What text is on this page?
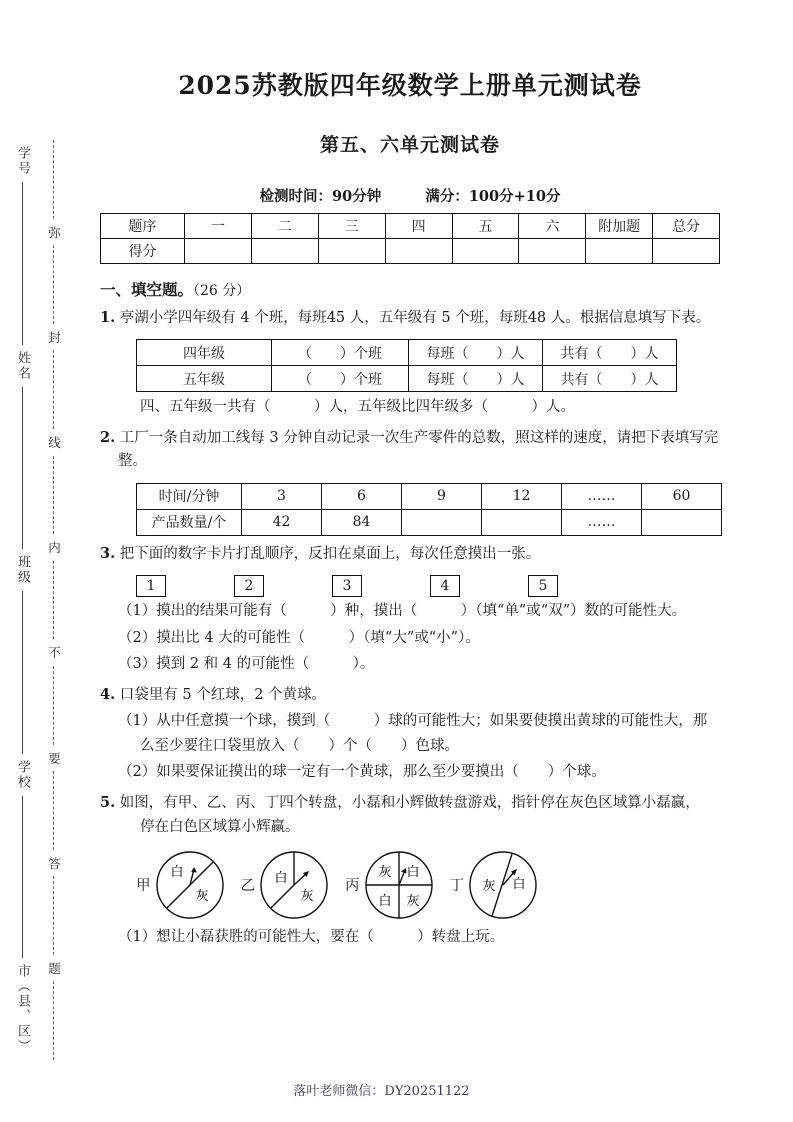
学号
姓名
班级
学校
市（县、区）
弥
封
线
内
不
要
答
题
2025苏教版四年级数学上册单元测试卷
第五、六单元测试卷
检测时间：90分钟	满分：100分+10分
题序	一	二	三	四	五	六	附加题	总分
得分								
一、填空题。（26 分）
1. 亭湖小学四年级有 4 个班，每班45 人，五年级有 5 个班，每班48 人。根据信息填写下表。
四年级	（　　）个班	每班（　　）人	共有（　　）人
五年级	（　　）个班	每班（　　）人	共有（　　）人
四、五年级一共有（　　　）人，五年级比四年级多（　　　）人。
2. 工厂一条自动加工线每 3 分钟自动记录一次生产零件的总数，照这样的速度，请把下表填写完整。
时间/分钟	3	6	9	12	……	60
产品数量/个	42	84			……	
3. 把下面的数字卡片打乱顺序，反扣在桌面上，每次任意摸出一张。
1	2	3	4	5
（1）摸出的结果可能有（　　　）种，摸出（　　　）（填“单”或“双”）数的可能性大。
（2）摸出比 4 大的可能性（　　　）（填“大”或“小”）。
（3）摸到 2 和 4 的可能性（　　　）。
4. 口袋里有 5 个红球，2 个黄球。
（1）从中任意摸一个球，摸到（　　　）球的可能性大；如果要使摸出黄球的可能性大，那
么至少要往口袋里放入（　　）个（　　）色球。
（2）如果要保证摸出的球一定有一个黄球，那么至少要摸出（　　）个球。
5. 如图，有甲、乙、丙、丁四个转盘，小磊和小辉做转盘游戏，指针停在灰色区域算小磊赢，
停在白色区域算小辉赢。
甲
白
灰
乙 白
灰
丙
灰 白
白 灰
丁 灰 白
（1）想让小磊获胜的可能性大，要在（　　　）转盘上玩。
落叶老师微信：DY20251122
